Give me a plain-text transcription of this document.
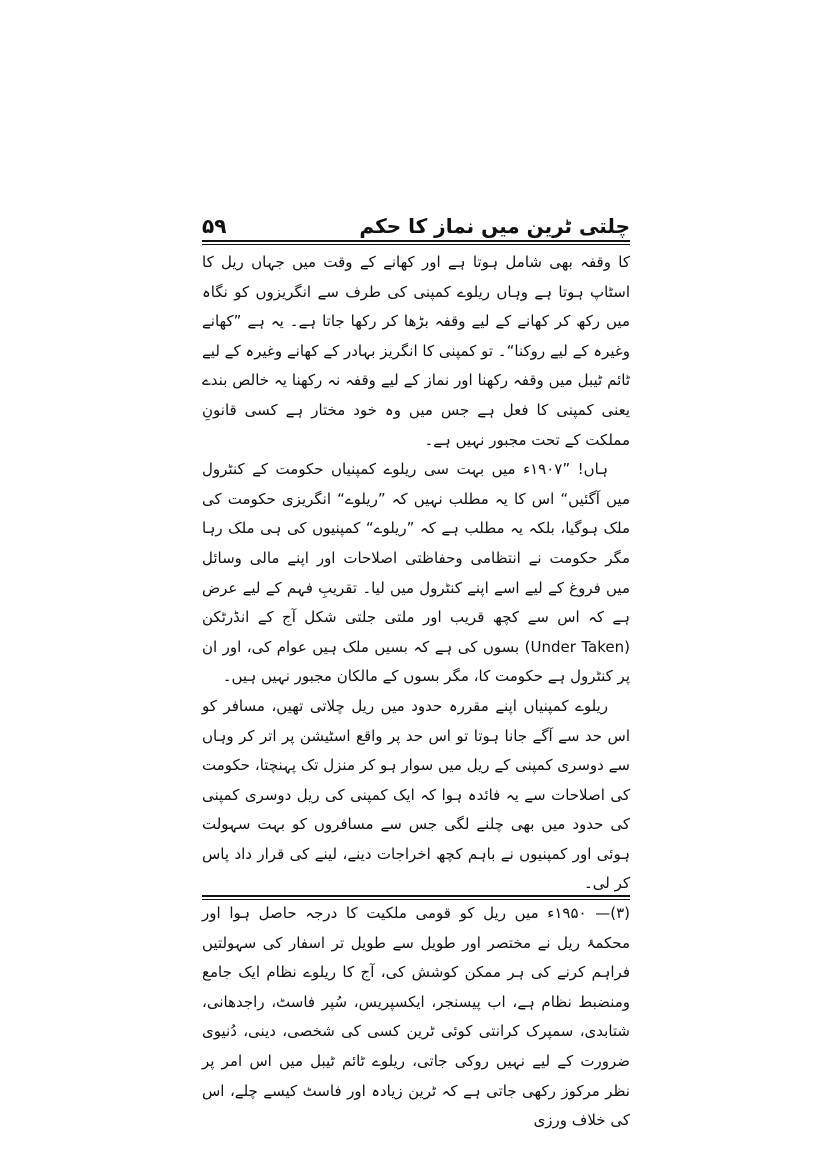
چلتی ٹرین میں نماز کا حکم
۵۹

کا وقفہ بھی شامل ہوتا ہے اور کھانے کے وقت میں جہاں ریل کا اسٹاپ ہوتا ہے وہاں ریلوے کمپنی کی طرف سے انگریزوں کو نگاہ میں رکھ کر کھانے کے لیے وقفہ بڑھا کر رکھا جاتا ہے۔ یہ ہے ”کھانے وغیرہ کے لیے روکنا“۔ تو کمپنی کا انگریز بہادر کے کھانے وغیرہ کے لیے ٹائم ٹیبل میں وقفہ رکھنا اور نماز کے لیے وقفہ نہ رکھنا یہ خالص بندے یعنی کمپنی کا فعل ہے جس میں وہ خود مختار ہے کسی قانونِ مملکت کے تحت مجبور نہیں ہے۔

ہاں! ”۱۹۰۷ء میں بہت سی ریلوے کمپنیاں حکومت کے کنٹرول میں آگئیں“ اس کا یہ مطلب نہیں کہ ”ریلوے“ انگریزی حکومت کی ملک ہوگیا، بلکہ یہ مطلب ہے کہ ”ریلوے“ کمپنیوں کی ہی ملک رہا مگر حکومت نے انتظامی وحفاظتی اصلاحات اور اپنے مالی وسائل میں فروغ کے لیے اسے اپنے کنٹرول میں لیا۔ تقریبِ فہم کے لیے عرض ہے کہ اس سے کچھ قریب اور ملتی جلتی شکل آج کے انڈرٹکن (Under Taken) بسوں کی ہے کہ بسیں ملک ہیں عوام کی، اور ان پر کنٹرول ہے حکومت کا، مگر بسوں کے مالکان مجبور نہیں ہیں۔

ریلوے کمپنیاں اپنے مقررہ حدود میں ریل چلاتی تھیں، مسافر کو اس حد سے آگے جانا ہوتا تو اس حد پر واقع اسٹیشن پر اتر کر وہاں سے دوسری کمپنی کے ریل میں سوار ہو کر منزل تک پہنچتا، حکومت کی اصلاحات سے یہ فائدہ ہوا کہ ایک کمپنی کی ریل دوسری کمپنی کی حدود میں بھی چلنے لگی جس سے مسافروں کو بہت سہولت ہوئی اور کمپنیوں نے باہم کچھ اخراجات دینے، لینے کی قرار داد پاس کر لی۔

(۳)— ۱۹۵۰ء میں ریل کو قومی ملکیت کا درجہ حاصل ہوا اور محکمۂ ریل نے مختصر اور طویل سے طویل تر اسفار کی سہولتیں فراہم کرنے کی ہر ممکن کوشش کی، آج کا ریلوے نظام ایک جامع ومنضبط نظام ہے، اب پیسنجر، ایکسپریس، سُپر فاسٹ، راجدھانی، شتابدی، سمپرک کرانتی کوئی ٹرین کسی کی شخصی، دینی، دُنیوی ضرورت کے لیے نہیں روکی جاتی، ریلوے ٹائم ٹیبل میں اس امر پر نظر مرکوز رکھی جاتی ہے کہ ٹرین زیادہ اور فاسٹ کیسے چلے، اس کی خلاف ورزی
